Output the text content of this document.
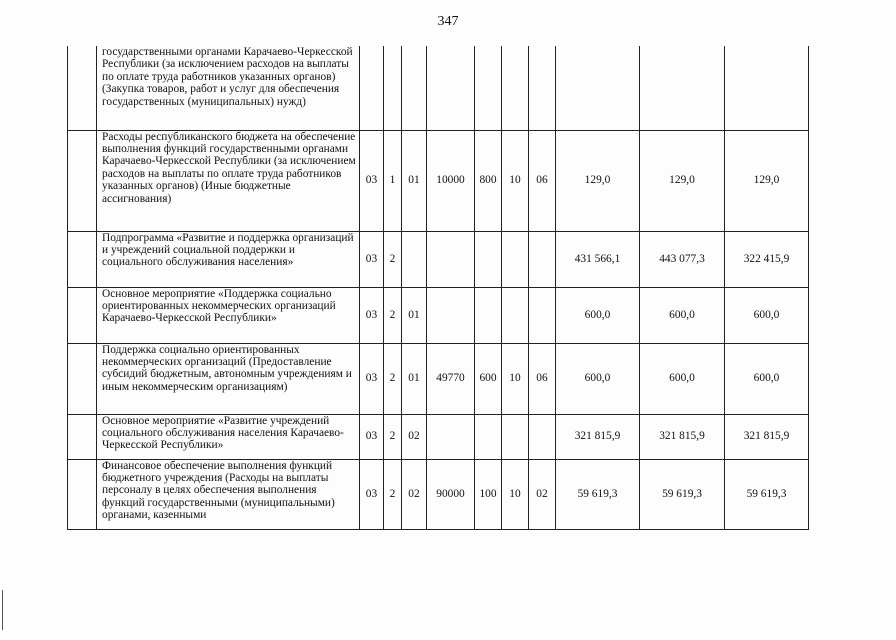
347
	государственными органами Карачаево-Черкесской Республики (за исключением расходов на выплаты по оплате труда работников указанных органов) (Закупка товаров, работ и услуг для обеспечения государственных (муниципальных) нужд)										
	Расходы республиканского бюджета на обеспечение выполнения функций государственными органами Карачаево-Черкесской Республики (за исключением расходов на выплаты по оплате труда работников указанных органов) (Иные бюджетные ассигнования)	03	1	01	10000	800	10	06	129,0	129,0	129,0
	Подпрограмма «Развитие и поддержка организаций и учреждений социальной поддержки и социального обслуживания населения»	03	2						431 566,1	443 077,3	322 415,9
	Основное мероприятие «Поддержка социально ориентированных некоммерческих организаций Карачаево-Черкесской Республики»	03	2	01					600,0	600,0	600,0
	Поддержка социально ориентированных некоммерческих организаций (Предоставление субсидий бюджетным, автономным учреждениям и иным некоммерческим организациям)	03	2	01	49770	600	10	06	600,0	600,0	600,0
	Основное мероприятие «Развитие учреждений социального обслуживания населения Карачаево-Черкесской Республики»	03	2	02					321 815,9	321 815,9	321 815,9
	Финансовое обеспечение выполнения функций бюджетного учреждения (Расходы на выплаты персоналу в целях обеспечения выполнения функций государственными (муниципальными) органами, казенными	03	2	02	90000	100	10	02	59 619,3	59 619,3	59 619,3
